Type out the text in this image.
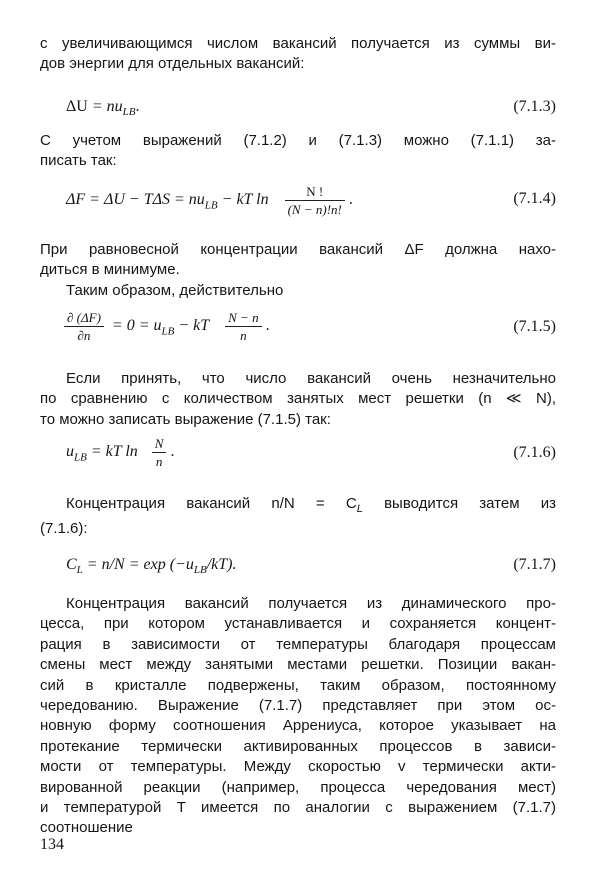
с увеличивающимся числом вакансий получается из суммы ви-
дов энергии для отдельных вакансий:
$\Delta U = nu_{LB}$.	(7.1.3)
С учетом выражений (7.1.2) и (7.1.3) можно (7.1.1) за-
писать так:
$\Delta F = \Delta U - T\Delta S = nu_{LB}$ − kT $\ln \frac{N !}{(N - n)!n!}$ .	(7.1.4)
При равновесной концентрации вакансий ΔF должна нахо-
диться в минимуме.
Таким образом, действительно
$\frac{\partial (\Delta F)}{\partial n} = 0 = u_{LB}$ − kT $\frac{N - n}{n}$ .	(7.1.5)
Если принять, что число вакансий очень незначительно
по сравнению с количеством занятых мест решетки (n ≪ N),
то можно записать выражение (7.1.5) так:
$u_{LB}$ = kT $\ln \frac{N}{n}$ .	(7.1.6)
Концентрация вакансий $n/N = C_L$ выводится затем из
(7.1.6):
$C_L = n/N = \exp (-u_{LB}/kT)$.	(7.1.7)
Концентрация вакансий получается из динамического про-
цесса, при котором устанавливается и сохраняется концент-
рация в зависимости от температуры благодаря процессам
смены мест между занятыми местами решетки. Позиции вакан-
сий в кристалле подвержены, таким образом, постоянному
чередованию. Выражение (7.1.7) представляет при этом ос-
новную форму соотношения Аррениуса, которое указывает на
протекание термически активированных процессов в зависи-
мости от температуры. Между скоростью v термически акти-
вированной реакции (например, процесса чередования мест)
и температурой T имеется по аналогии с выражением (7.1.7)
соотношение
134
